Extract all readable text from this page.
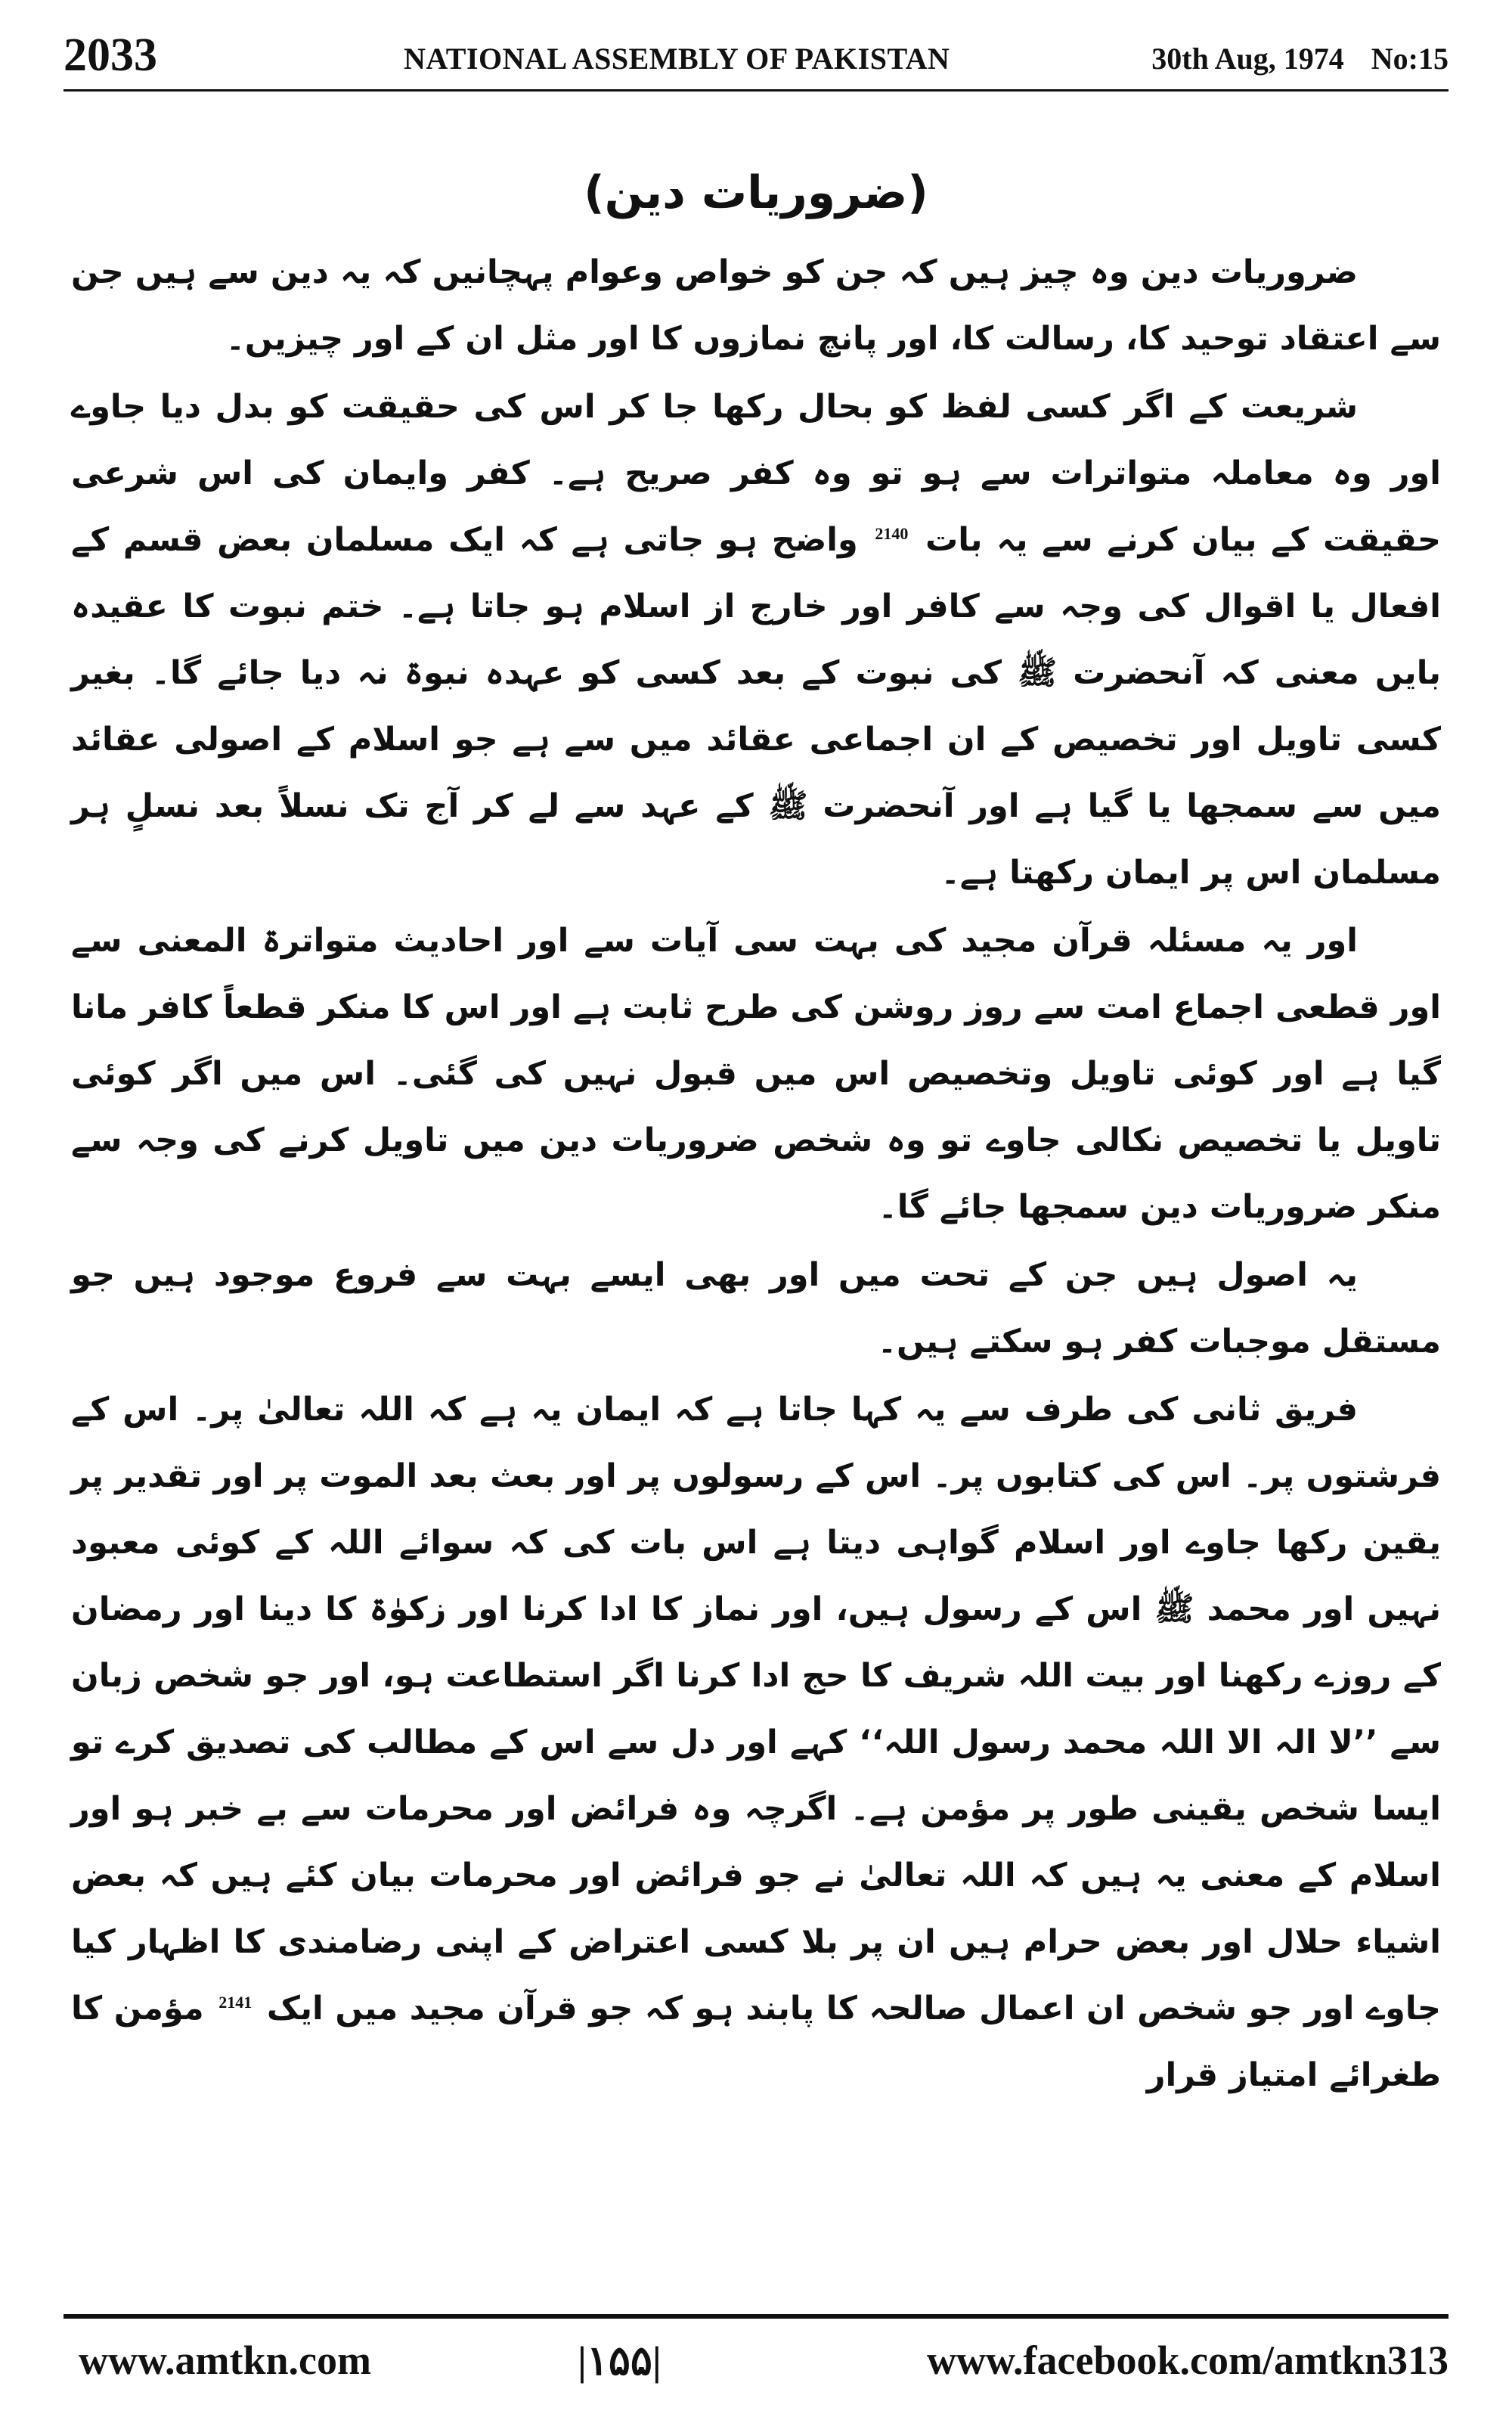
2033	NATIONAL ASSEMBLY OF PAKISTAN	30th Aug, 1974 No:15
(ضروریات دین)

ضروریات دین وہ چیز ہیں کہ جن کو خواص وعوام پہچانیں کہ یہ دین سے ہیں جن سے اعتقاد توحید کا، رسالت کا، اور پانچ نمازوں کا اور مثل ان کے اور چیزیں۔

شریعت کے اگر کسی لفظ کو بحال رکھا جا کر اس کی حقیقت کو بدل دیا جاوے اور وہ معاملہ متواترات سے ہو تو وہ کفر صریح ہے۔ کفر وایمان کی اس شرعی حقیقت کے بیان کرنے سے یہ بات $^{2140}$ واضح ہو جاتی ہے کہ ایک مسلمان بعض قسم کے افعال یا اقوال کی وجہ سے کافر اور خارج از اسلام ہو جاتا ہے۔ ختم نبوت کا عقیدہ بایں معنی کہ آنحضرت ﷺ کی نبوت کے بعد کسی کو عہدہ نبوۃ نہ دیا جائے گا۔ بغیر کسی تاویل اور تخصیص کے ان اجماعی عقائد میں سے ہے جو اسلام کے اصولی عقائد میں سے سمجھا یا گیا ہے اور آنحضرت ﷺ کے عہد سے لے کر آج تک نسلاً بعد نسلٍ ہر مسلمان اس پر ایمان رکھتا ہے۔

اور یہ مسئلہ قرآن مجید کی بہت سی آیات سے اور احادیث متواترۃ المعنی سے اور قطعی اجماع امت سے روز روشن کی طرح ثابت ہے اور اس کا منکر قطعاً کافر مانا گیا ہے اور کوئی تاویل وتخصیص اس میں قبول نہیں کی گئی۔ اس میں اگر کوئی تاویل یا تخصیص نکالی جاوے تو وہ شخص ضروریات دین میں تاویل کرنے کی وجہ سے منکر ضروریات دین سمجھا جائے گا۔

یہ اصول ہیں جن کے تحت میں اور بھی ایسے بہت سے فروع موجود ہیں جو مستقل موجبات کفر ہو سکتے ہیں۔

فریق ثانی کی طرف سے یہ کہا جاتا ہے کہ ایمان یہ ہے کہ اللہ تعالیٰ پر۔ اس کے فرشتوں پر۔ اس کی کتابوں پر۔ اس کے رسولوں پر اور بعث بعد الموت پر اور تقدیر پر یقین رکھا جاوے اور اسلام گواہی دیتا ہے اس بات کی کہ سوائے اللہ کے کوئی معبود نہیں اور محمد ﷺ اس کے رسول ہیں، اور نماز کا ادا کرنا اور زکوٰۃ کا دینا اور رمضان کے روزے رکھنا اور بیت اللہ شریف کا حج ادا کرنا اگر استطاعت ہو، اور جو شخص زبان سے ’’لا الہ الا اللہ محمد رسول اللہ‘‘ کہے اور دل سے اس کے مطالب کی تصدیق کرے تو ایسا شخص یقینی طور پر مؤمن ہے۔ اگرچہ وہ فرائض اور محرمات سے بے خبر ہو اور اسلام کے معنی یہ ہیں کہ اللہ تعالیٰ نے جو فرائض اور محرمات بیان کئے ہیں کہ بعض اشیاء حلال اور بعض حرام ہیں ان پر بلا کسی اعتراض کے اپنی رضامندی کا اظہار کیا جاوے اور جو شخص ان اعمال صالحہ کا پابند ہو کہ جو قرآن مجید میں ایک $^{2141}$ مؤمن کا طغرائے امتیاز قرار

www.amtkn.com	|۱۵۵|	www.facebook.com/amtkn313
